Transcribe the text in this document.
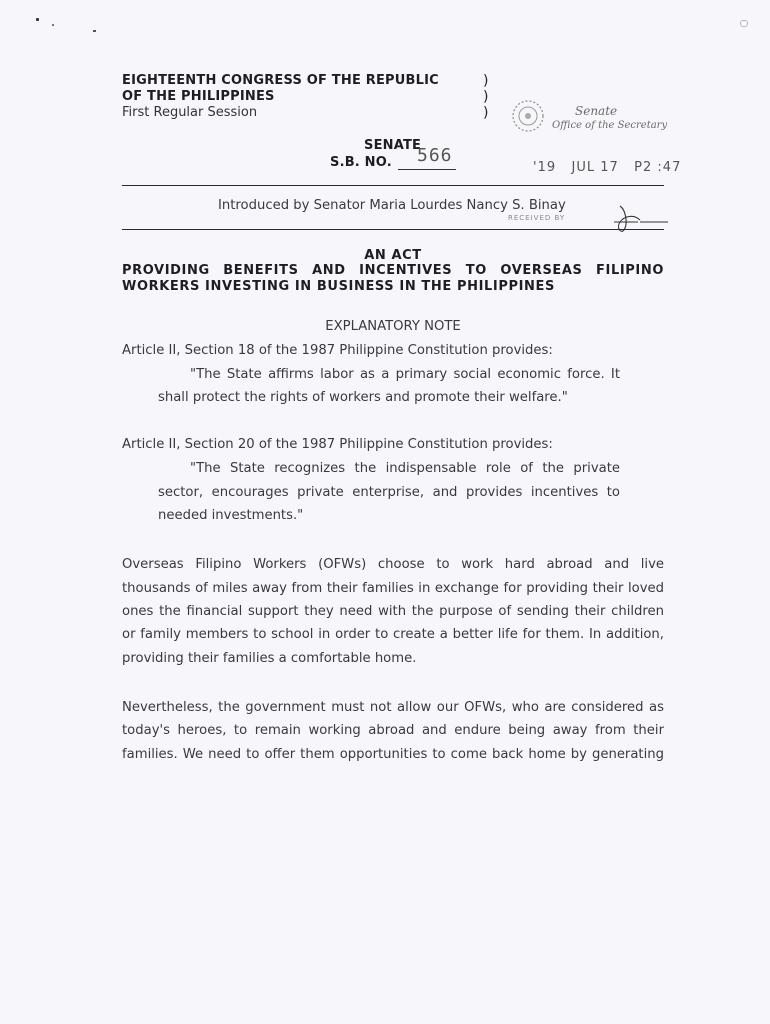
EIGHTEENTH CONGRESS OF THE REPUBLIC
OF THE PHILIPPINES
First Regular Session
)
)
)	Senate
Office of the Secretary
SENATE
S.B. NO. 566
'19   JUL 17   P2 :47
Introduced by Senator Maria Lourdes Nancy S. Binay
RECEIVED BY
AN ACT
PROVIDING BENEFITS AND INCENTIVES TO OVERSEAS FILIPINO
WORKERS INVESTING IN BUSINESS IN THE PHILIPPINES
EXPLANATORY NOTE
Article II, Section 18 of the 1987 Philippine Constitution provides:
"The State affirms labor as a primary social economic force. It
shall protect the rights of workers and promote their welfare."
Article II, Section 20 of the 1987 Philippine Constitution provides:
"The State recognizes the indispensable role of the private
sector, encourages private enterprise, and provides incentives to
needed investments."
Overseas Filipino Workers (OFWs) choose to work hard abroad and live
thousands of miles away from their families in exchange for providing their loved
ones the financial support they need with the purpose of sending their children
or family members to school in order to create a better life for them. In addition,
providing their families a comfortable home.
Nevertheless, the government must not allow our OFWs, who are considered as
today's heroes, to remain working abroad and endure being away from their
families. We need to offer them opportunities to come back home by generating
